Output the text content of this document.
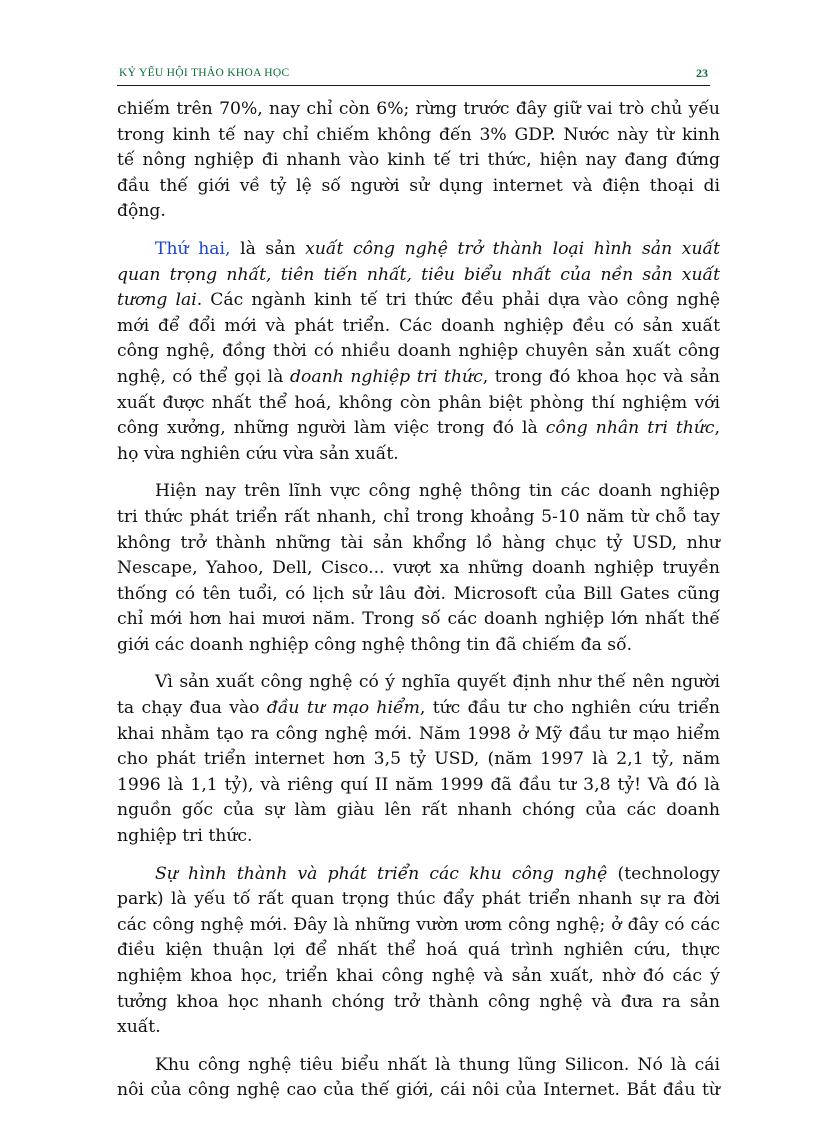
KỶ YẾU HỘI THẢO KHOA HỌC	23
chiếm trên 70%, nay chỉ còn 6%; rừng trước đây giữ vai trò chủ yếu
trong kinh tế nay chỉ chiếm không đến 3% GDP. Nước này từ kinh
tế nông nghiệp đi nhanh vào kinh tế tri thức, hiện nay đang đứng
đầu thế giới về tỷ lệ số người sử dụng internet và điện thoại di
động.
Thứ hai, là sản xuất công nghệ trở thành loại hình sản xuất
quan trọng nhất, tiên tiến nhất, tiêu biểu nhất của nền sản xuất
tương lai. Các ngành kinh tế tri thức đều phải dựa vào công nghệ
mới để đổi mới và phát triển. Các doanh nghiệp đều có sản xuất
công nghệ, đồng thời có nhiều doanh nghiệp chuyên sản xuất công
nghệ, có thể gọi là doanh nghiệp tri thức, trong đó khoa học và sản
xuất được nhất thể hoá, không còn phân biệt phòng thí nghiệm với
công xưởng, những người làm việc trong đó là công nhân tri thức,
họ vừa nghiên cứu vừa sản xuất.
Hiện nay trên lĩnh vực công nghệ thông tin các doanh nghiệp
tri thức phát triển rất nhanh, chỉ trong khoảng 5-10 năm từ chỗ tay
không trở thành những tài sản khổng lồ hàng chục tỷ USD, như
Nescape, Yahoo, Dell, Cisco... vượt xa những doanh nghiệp truyền
thống có tên tuổi, có lịch sử lâu đời. Microsoft của Bill Gates cũng
chỉ mới hơn hai mươi năm. Trong số các doanh nghiệp lớn nhất thế
giới các doanh nghiệp công nghệ thông tin đã chiếm đa số.
Vì sản xuất công nghệ có ý nghĩa quyết định như thế nên người
ta chạy đua vào đầu tư mạo hiểm, tức đầu tư cho nghiên cứu triển
khai nhằm tạo ra công nghệ mới. Năm 1998 ở Mỹ đầu tư mạo hiểm
cho phát triển internet hơn 3,5 tỷ USD, (năm 1997 là 2,1 tỷ, năm
1996 là 1,1 tỷ), và riêng quí II năm 1999 đã đầu tư 3,8 tỷ! Và đó là
nguồn gốc của sự làm giàu lên rất nhanh chóng của các doanh
nghiệp tri thức.
Sự hình thành và phát triển các khu công nghệ (technology
park) là yếu tố rất quan trọng thúc đẩy phát triển nhanh sự ra đời
các công nghệ mới. Đây là những vườn ươm công nghệ; ở đây có các
điều kiện thuận lợi để nhất thể hoá quá trình nghiên cứu, thực
nghiệm khoa học, triển khai công nghệ và sản xuất, nhờ đó các ý
tưởng khoa học nhanh chóng trở thành công nghệ và đưa ra sản
xuất.
Khu công nghệ tiêu biểu nhất là thung lũng Silicon. Nó là cái
nôi của công nghệ cao của thế giới, cái nôi của Internet. Bắt đầu từ
